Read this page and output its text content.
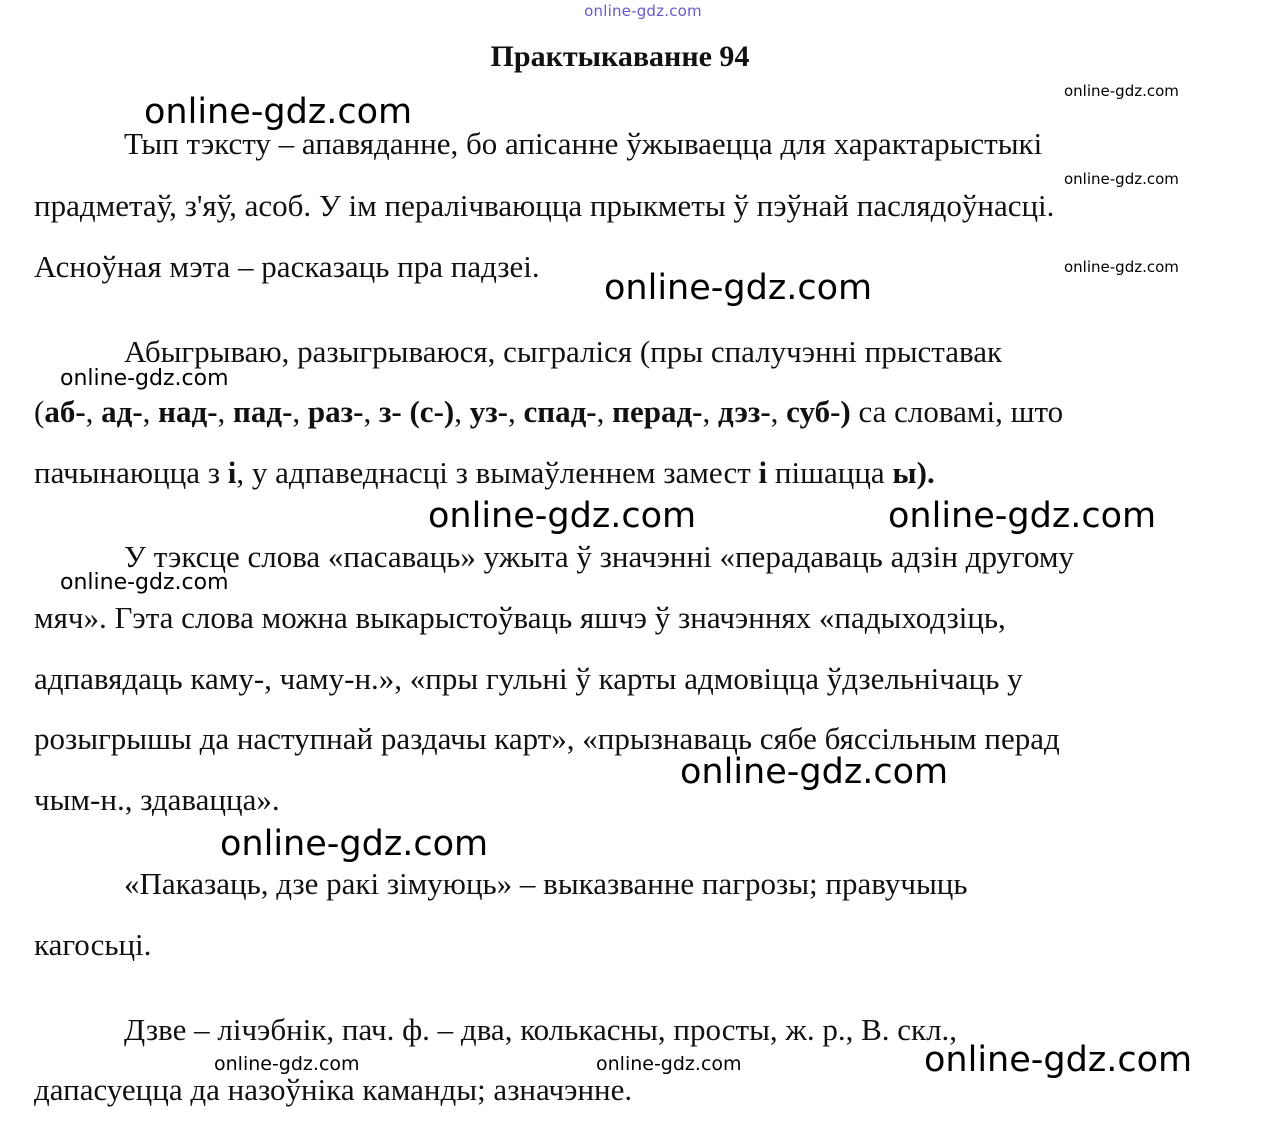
online-gdz.com
Практыкаванне 94
Тып тэксту – апавяданне, бо апісанне ўжываецца для характарыстыкі
прадметаў, з'яў, асоб. У ім пералічваюцца прыкметы ў пэўнай паслядоўнасці.
Асноўная мэта – расказаць пра падзеі.
Абыгрываю, разыгрываюся, сыграліся (пры спалучэнні прыставак
(аб-, ад-, над-, пад-, раз-, з- (с-), уз-, спад-, перад-, дэз-, суб-) са словамі, што
пачынаюцца з і, у адпаведнасці з вымаўленнем замест і пішацца ы).
У тэксце слова «пасаваць» ужыта ў значэнні «перадаваць адзін другому
мяч». Гэта слова можна выкарыстоўваць яшчэ ў значэннях «падыходзіць,
адпавядаць каму-, чаму-н.», «пры гульні ў карты адмовіцца ўдзельнічаць у
розыгрышы да наступнай раздачы карт», «прызнаваць сябе бяссільным перад
чым-н., здавацца».
«Паказаць, дзе ракі зімуюць» – выказванне пагрозы; правучыць
кагосьці.
Дзве – лічэбнік, пач. ф. – два, колькасны, просты, ж. р., В. скл.,
дапасуецца да назоўніка каманды; азначэнне.
online-gdz.com
online-gdz.com
online-gdz.com
online-gdz.com
online-gdz.com
online-gdz.com
online-gdz.com	online-gdz.com
online-gdz.com
online-gdz.com
online-gdz.com
online-gdz.com	online-gdz.com	online-gdz.com
